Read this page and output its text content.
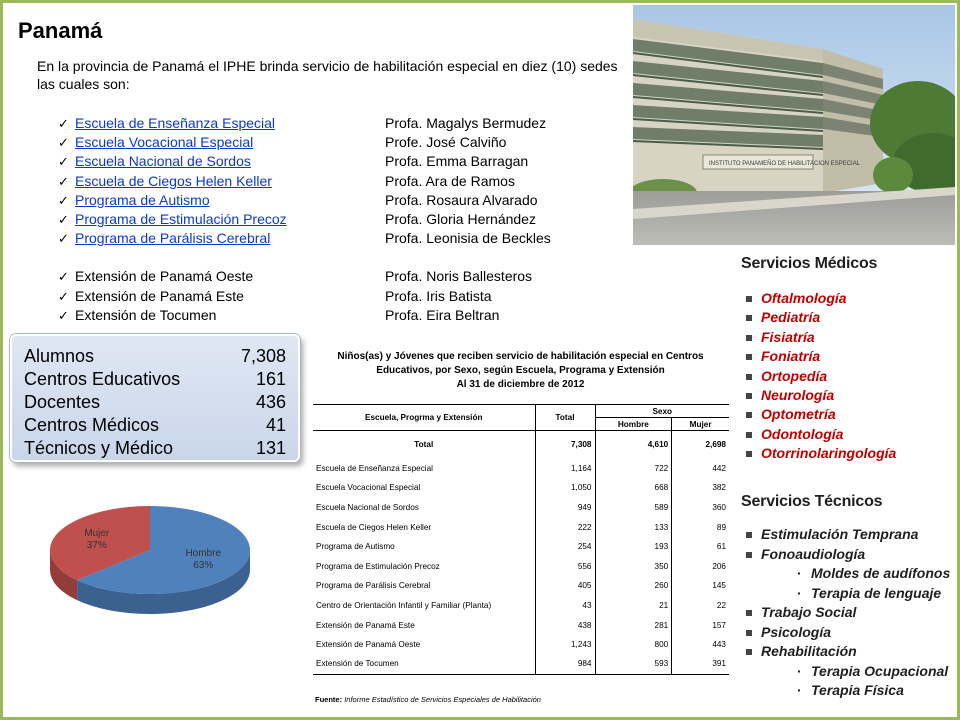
Panamá

En la provincia de Panamá el IPHE brinda servicio de habilitación especial en diez (10) sedes las cuales son:

✓ Escuela de Enseñanza Especial	Profa. Magalys Bermudez
✓ Escuela Vocacional Especial	Profe. José Calviño
✓ Escuela Nacional de Sordos	Profa. Emma Barragan
✓ Escuela de Ciegos Helen Keller	Profa. Ara de Ramos
✓ Programa de Autismo	Profa. Rosaura Alvarado
✓ Programa de Estimulación Precoz	Profa. Gloria Hernández
✓ Programa de Parálisis Cerebral	Profa. Leonisia de Beckles
✓ Extensión de Panamá Oeste	Profa. Noris Ballesteros
✓ Extensión de Panamá Este	Profa. Iris Batista
✓ Extensión de Tocumen	Profa. Eira Beltran
INSTITUTO PANAMEÑO DE HABILITACION ESPECIAL
Alumnos	7,308
Centros Educativos	161
Docentes	436
Centros Médicos	41
Técnicos y Médico	131
Hombre 63%
Mujer 37%
Niños(as) y Jóvenes que reciben servicio de habilitación especial en Centros
Educativos, por Sexo, según Escuela, Programa y Extensión
Al 31 de diciembre de 2012
Escuela, Progrma y Extensión	Total	Sexo	
		Hombre	Mujer
Total	7,308	4,610	2,698
Escuela de Enseñanza Especial	1,164	722	442
Escuela Vocacional Especial	1,050	668	382
Escuela Nacional de Sordos	949	589	360
Escuela de Ciegos Helen Keller	222	133	89
Programa de Autismo	254	193	61
Programa de Estimulación Precoz	556	350	206
Programa de Parálisis Cerebral	405	260	145
Centro de Orientación Infantil y Familiar (Planta)	43	21	22
Extensión de Panamá Este	438	281	157
Extensión de Panamá Oeste	1,243	800	443
Extensión de Tocumen	984	593	391
Fuente: Informe Estadístico de Servicios Especiales de Habilitación
Servicios Médicos
Servicios Técnicos
Oftalmología
Pediatría
Fisiatría
Foniatría
Ortopedía
Neurología
Optometría
Odontología
Otorrinolaringología
Estimulación Temprana
Fonoaudiología
· Moldes de audífonos
· Terapia de lenguaje
Trabajo Social
Psicología
Rehabilitación
· Terapia Ocupacional
· Terapia Física
